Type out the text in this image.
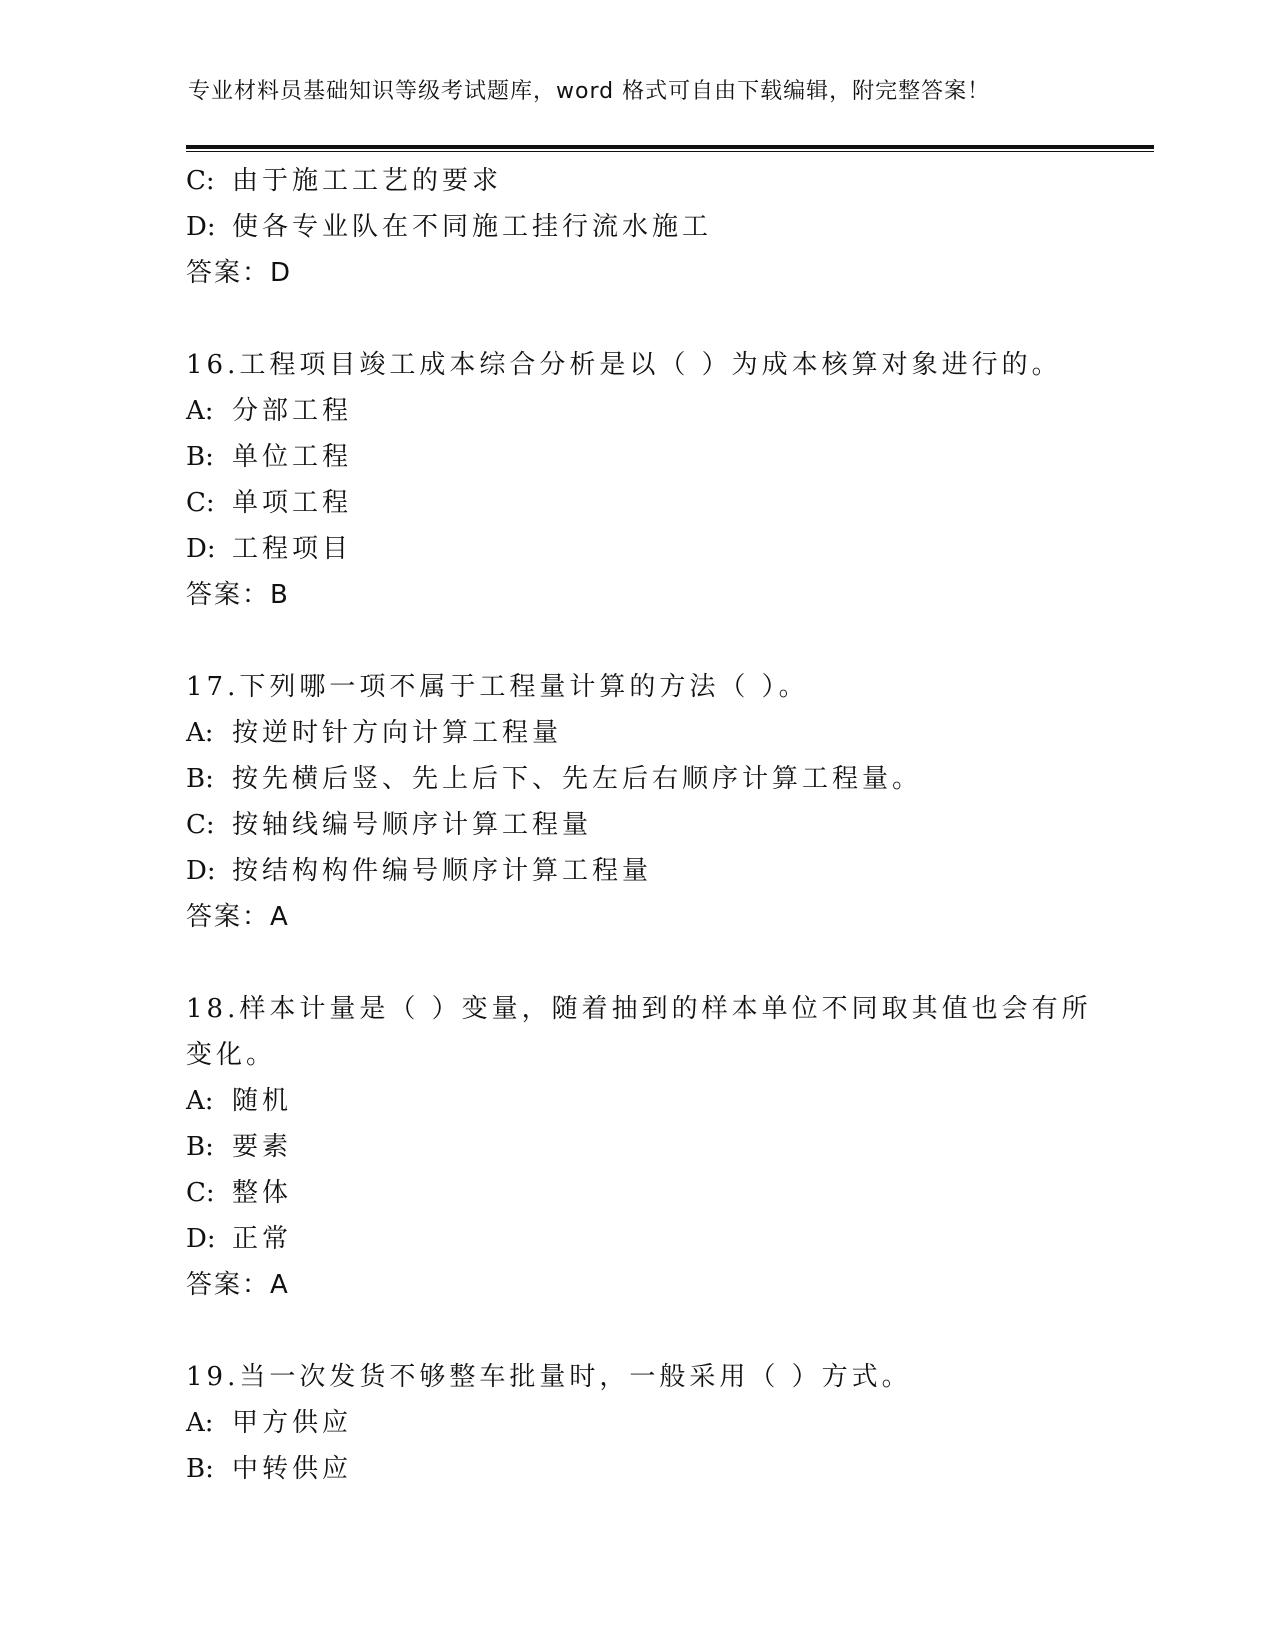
专业材料员基础知识等级考试题库，word 格式可自由下载编辑，附完整答案！
C: 由于施工工艺的要求
D: 使各专业队在不同施工挂行流水施工
答案：D
16.工程项目竣工成本综合分析是以（ ）为成本核算对象进行的。
A: 分部工程
B: 单位工程
C: 单项工程
D: 工程项目
答案：B
17.下列哪一项不属于工程量计算的方法（ ）。
A: 按逆时针方向计算工程量
B: 按先横后竖、先上后下、先左后右顺序计算工程量。
C: 按轴线编号顺序计算工程量
D: 按结构构件编号顺序计算工程量
答案：A
18.样本计量是（ ）变量，随着抽到的样本单位不同取其值也会有所
变化。
A: 随机
B: 要素
C: 整体
D: 正常
答案：A
19.当一次发货不够整车批量时，一般采用（ ）方式。
A: 甲方供应
B: 中转供应
